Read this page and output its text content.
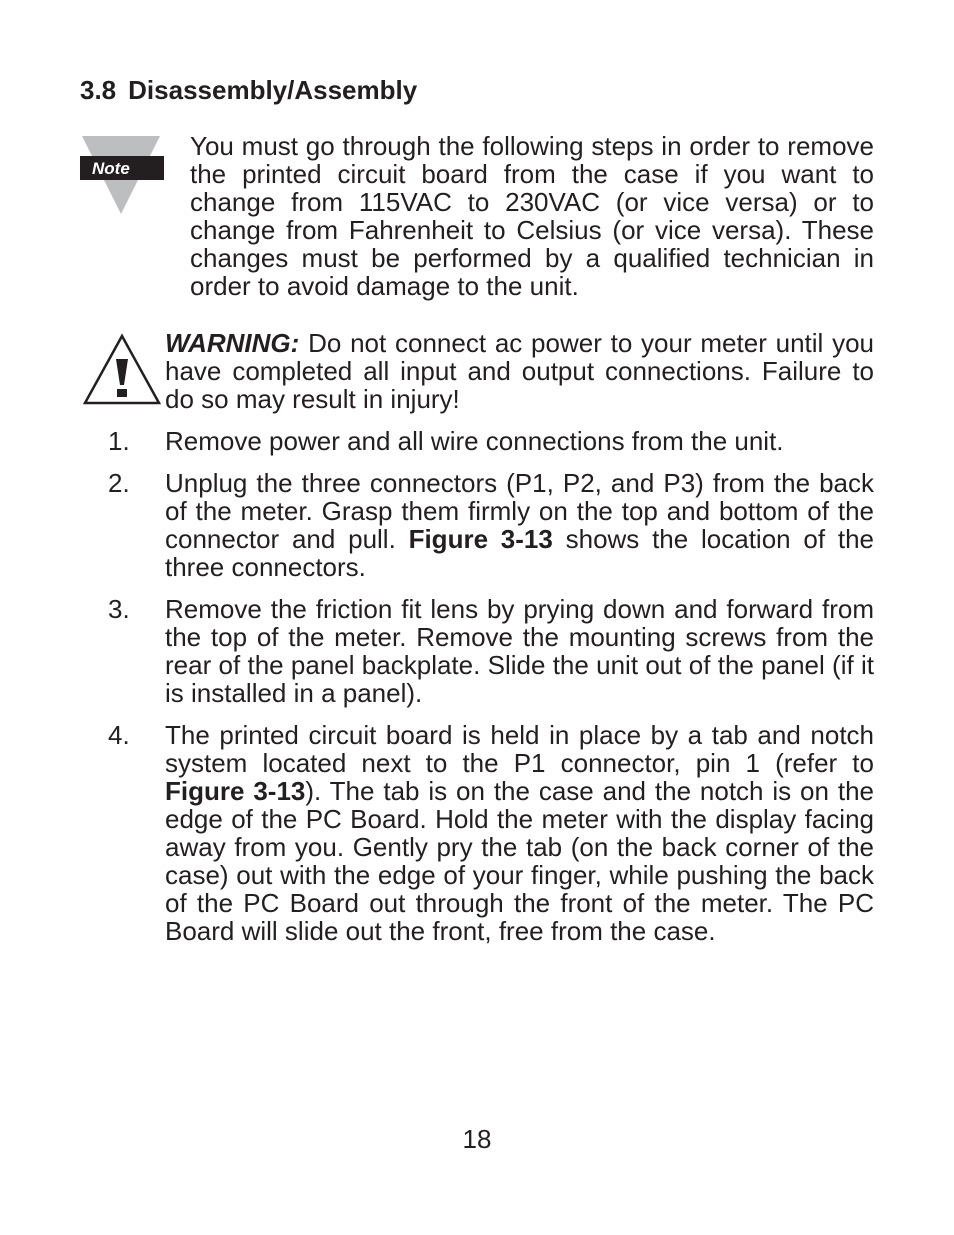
3.8 Disassembly/Assembly
Note

You must go through the following steps in order to remove the printed circuit board from the case if you want to change from 115VAC to 230VAC (or vice versa) or to change from Fahrenheit to Celsius (or vice versa). These changes must be performed by a qualified technician in order to avoid damage to the unit.

WARNING: Do not connect ac power to your meter until you have completed all input and output connections. Failure to do so may result in injury!

1. Remove power and all wire connections from the unit.

2. Unplug the three connectors (P1, P2, and P3) from the back of the meter. Grasp them firmly on the top and bottom of the connector and pull. Figure 3-13 shows the location of the three connectors.

3. Remove the friction fit lens by prying down and forward from the top of the meter. Remove the mounting screws from the rear of the panel backplate. Slide the unit out of the panel (if it is installed in a panel).

4. The printed circuit board is held in place by a tab and notch system located next to the P1 connector, pin 1 (refer to Figure 3-13). The tab is on the case and the notch is on the edge of the PC Board. Hold the meter with the display facing away from you. Gently pry the tab (on the back corner of the case) out with the edge of your finger, while pushing the back of the PC Board out through the front of the meter. The PC Board will slide out the front, free from the case.

18
